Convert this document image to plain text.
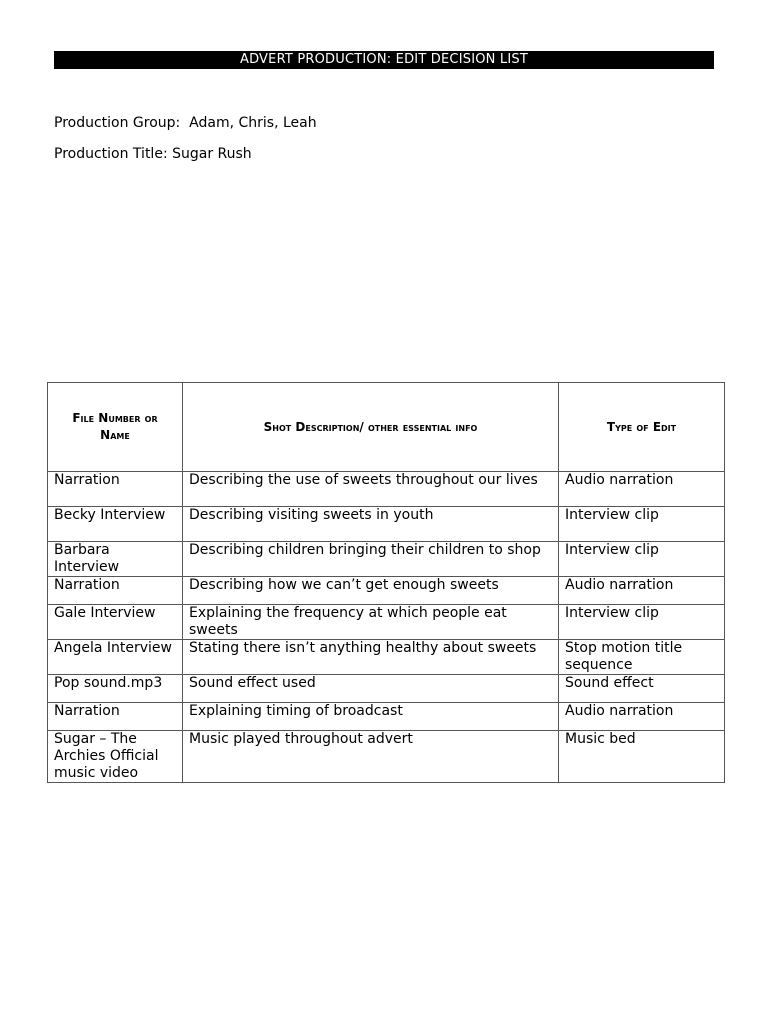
ADVERT PRODUCTION: EDIT DECISION LIST
Production Group:  Adam, Chris, Leah
Production Title: Sugar Rush
File Number or Name	Shot Description/ other essential info	Type of Edit
Narration	Describing the use of sweets throughout our lives	Audio narration
Becky Interview	Describing visiting sweets in youth	Interview clip
Barbara Interview	Describing children bringing their children to shop	Interview clip
Narration	Describing how we can’t get enough sweets	Audio narration
Gale Interview	Explaining the frequency at which people eat sweets	Interview clip
Angela Interview	Stating there isn’t anything healthy about sweets	Stop motion title sequence
Pop sound.mp3	Sound effect used	Sound effect
Narration	Explaining timing of broadcast	Audio narration
Sugar – The Archies Official music video	Music played throughout advert	Music bed
